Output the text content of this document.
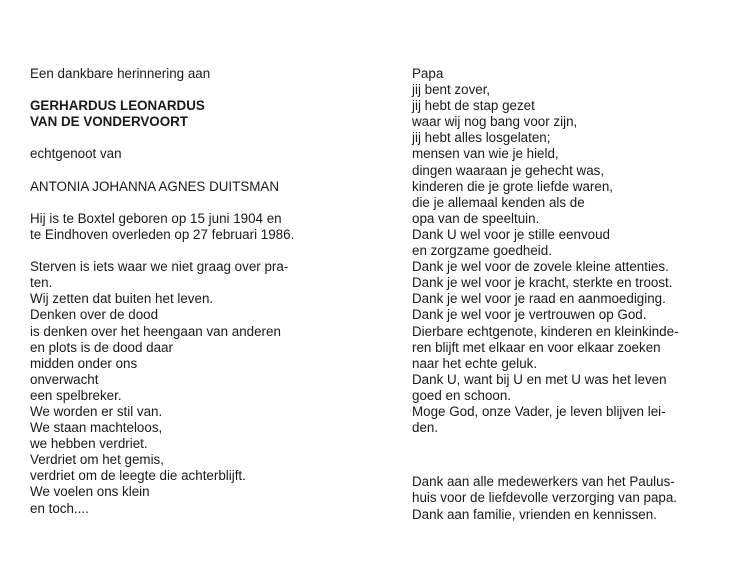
Een dankbare herinnering aan
GERHARDUS LEONARDUS
VAN DE VONDERVOORT
echtgenoot van
ANTONIA JOHANNA AGNES DUITSMAN
Hij is te Boxtel geboren op 15 juni 1904 en
te Eindhoven overleden op 27 februari 1986.
Sterven is iets waar we niet graag over pra-
ten.
Wij zetten dat buiten het leven.
Denken over de dood
is denken over het heengaan van anderen
en plots is de dood daar
midden onder ons
onverwacht
een spelbreker.
We worden er stil van.
We staan machteloos,
we hebben verdriet.
Verdriet om het gemis,
verdriet om de leegte die achterblijft.
We voelen ons klein
en toch....
Papa
jij bent zover,
jij hebt de stap gezet
waar wij nog bang voor zijn,
jij hebt alles losgelaten;
mensen van wie je hield,
dingen waaraan je gehecht was,
kinderen die je grote liefde waren,
die je allemaal kenden als de
opa van de speeltuin.
Dank U wel voor je stille eenvoud
en zorgzame goedheid.
Dank je wel voor de zovele kleine attenties.
Dank je wel voor je kracht, sterkte en troost.
Dank je wel voor je raad en aanmoediging.
Dank je wel voor je vertrouwen op God.
Dierbare echtgenote, kinderen en kleinkinde-
ren blijft met elkaar en voor elkaar zoeken
naar het echte geluk.
Dank U, want bij U en met U was het leven
goed en schoon.
Moge God, onze Vader, je leven blijven lei-
den.
Dank aan alle medewerkers van het Paulus-
huis voor de liefdevolle verzorging van papa.
Dank aan familie, vrienden en kennissen.
